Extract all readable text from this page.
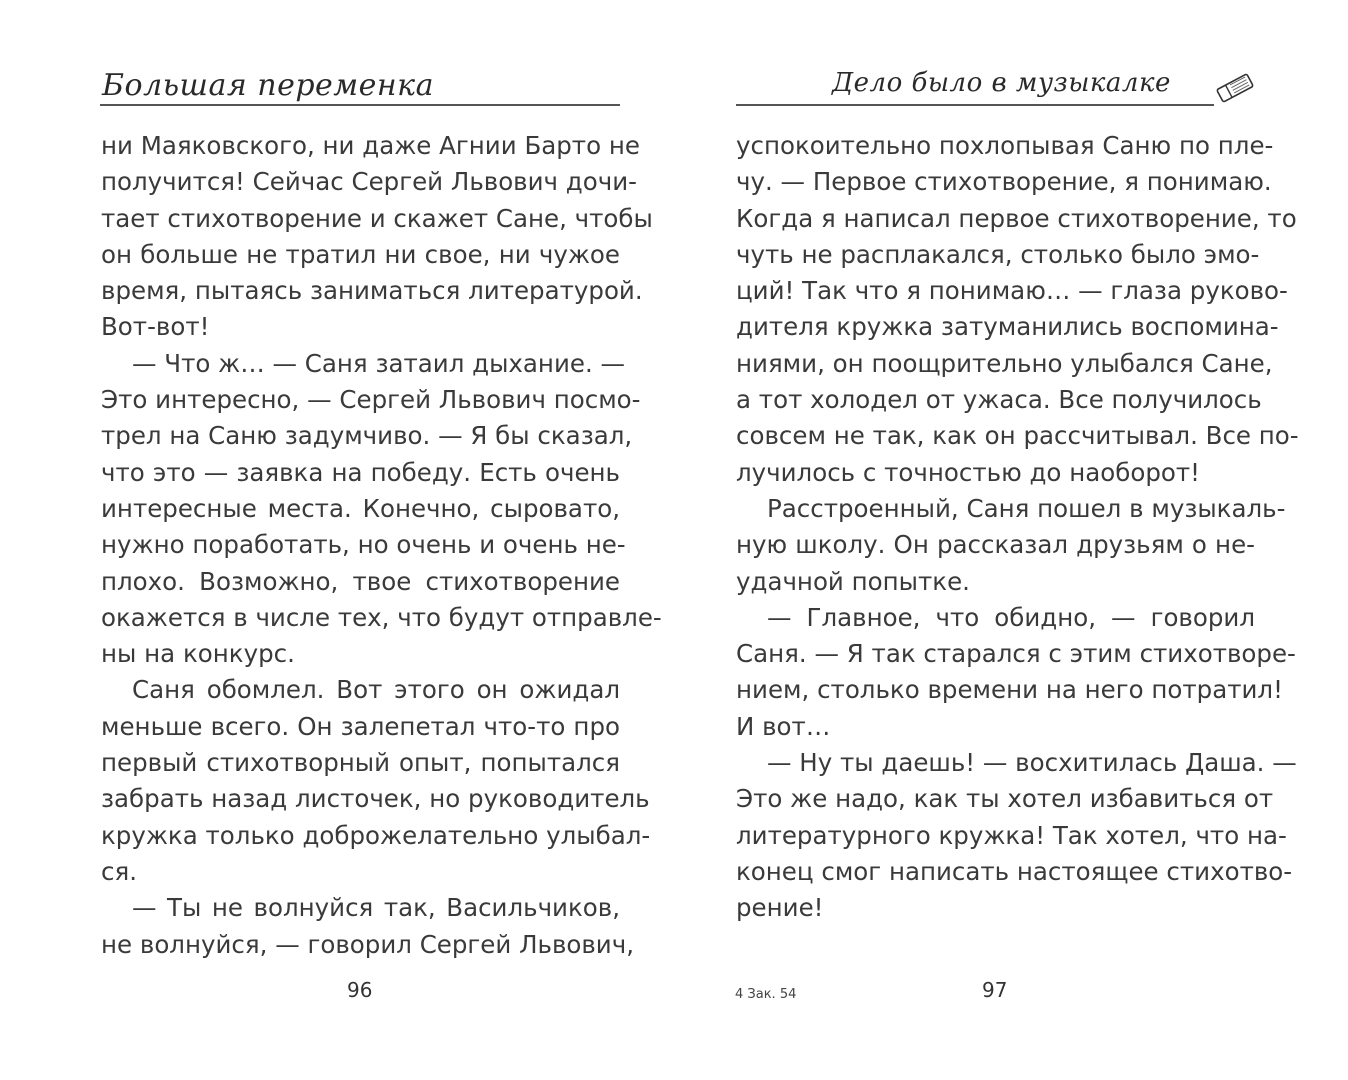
Большая переменка
ни Маяковского, ни даже Агнии Барто не
получится! Сейчас Сергей Львович дочи-
тает стихотворение и скажет Сане, чтобы
он больше не тратил ни свое, ни чужое
время, пытаясь заниматься литературой.
Вот-вот!
— Что ж… — Саня затаил дыхание. —
Это интересно, — Сергей Львович посмо-
трел на Саню задумчиво. — Я бы сказал,
что это — заявка на победу. Есть очень
интересные места. Конечно, сыровато,
нужно поработать, но очень и очень не-
плохо. Возможно, твое стихотворение
окажется в числе тех, что будут отправле-
ны на конкурс.
Саня обомлел. Вот этого он ожидал
меньше всего. Он залепетал что-то про
первый стихотворный опыт, попытался
забрать назад листочек, но руководитель
кружка только доброжелательно улыбал-
ся.
— Ты не волнуйся так, Васильчиков,
не волнуйся, — говорил Сергей Львович,
96
Дело было в музыкалке
успокоительно похлопывая Саню по пле-
чу. — Первое стихотворение, я понимаю.
Когда я написал первое стихотворение, то
чуть не расплакался, столько было эмо-
ций! Так что я понимаю… — глаза руково-
дителя кружка затуманились воспомина-
ниями, он поощрительно улыбался Сане,
а тот холодел от ужаса. Все получилось
совсем не так, как он рассчитывал. Все по-
лучилось с точностью до наоборот!
Расстроенный, Саня пошел в музыкаль-
ную школу. Он рассказал друзьям о не-
удачной попытке.
— Главное, что обидно, — говорил
Саня. — Я так старался с этим стихотворе-
нием, столько времени на него потратил!
И вот…
— Ну ты даешь! — восхитилась Даша. —
Это же надо, как ты хотел избавиться от
литературного кружка! Так хотел, что на-
конец смог написать настоящее стихотво-
рение!
4 Зак. 54	97
